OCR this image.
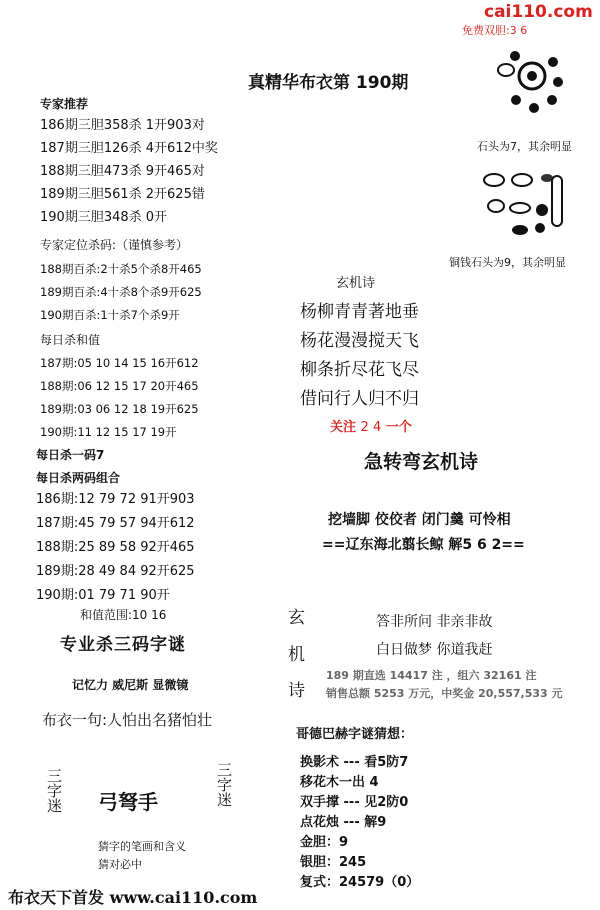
cai110.com
免费双胆:3 6
真精华布衣第 190期
专家推荐
186期三胆358杀 1开903对
187期三胆126杀 4开612中奖
188期三胆473杀 9开465对
189期三胆561杀 2开625错
190期三胆348杀 0开
专家定位杀码:（谨慎参考）
188期百杀:2十杀5个杀8开465
189期百杀:4十杀8个杀9开625
190期百杀:1十杀7个杀9开
每日杀和值
187期:05 10 14 15 16开612
188期:06 12 15 17 20开465
189期:03 06 12 18 19开625
190期:11 12 15 17 19开
每日杀一码7
每日杀两码组合
186期:12 79 72 91开903
187期:45 79 57 94开612
188期:25 89 58 92开465
189期:28 49 84 92开625
190期:01 79 71 90开
和值范围:10 16
专业杀三码字谜
记忆力 威尼斯 显微镜
布衣一句:人怕出名猪怕壮
三字迷 弓弩手	三字迷
猜字的笔画和含义
猜对必中
布衣天下首发 www.cai110.com
石头为7，其余明显
铜钱石头为9，其余明显
玄机诗
杨柳青青著地垂
杨花漫漫搅天飞
柳条折尽花飞尽
借问行人归不归
关注 2 4 一个
急转弯玄机诗
挖墙脚 佼佼者 闭门羹 可怜相
==辽东海北翦长鲸 解5 6 2==
玄
机
诗
答非所问 非亲非故
白日做梦 你道我赶
189 期直选 14417 注 ，组六 32161 注
销售总额 5253 万元，中奖金 20,557,533 元
哥德巴赫字谜猜想：
换影术 --- 看5防7
移花木一出 4
双手撑 --- 见2防0
点花烛 --- 解9
金胆：9
银胆：245
复式：24579（0）
